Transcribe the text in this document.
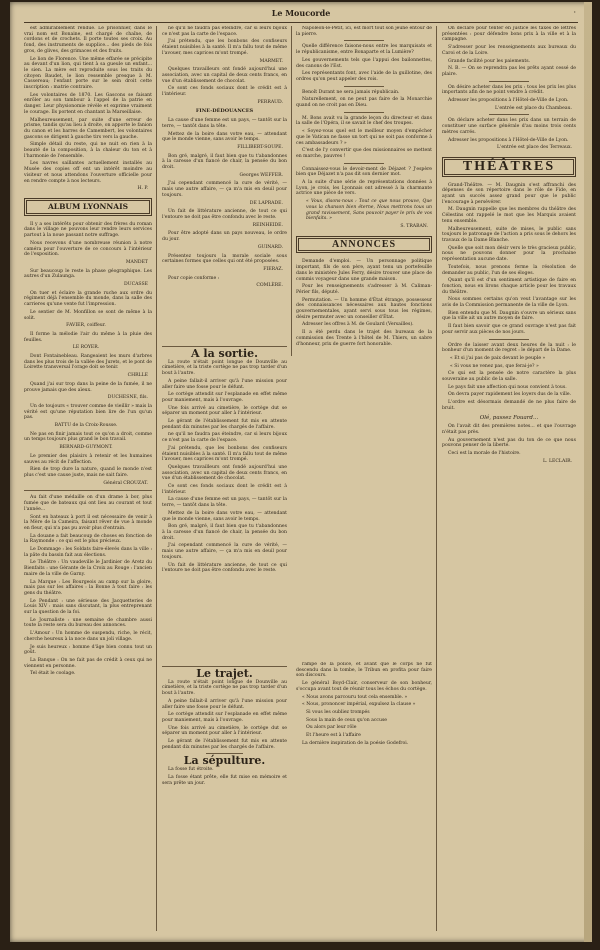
Le Moucorde	·

est admirablement rendue. Le prisonnier, dans le vrai nom est Bonaine, est chargé de chaîne, de cordons et de crochets. Il porte toutes ses croix. Au fond, des instruments de supplice... des pieds de fois gros, de glives, des grimaces et des fruits.

Le lion de Florence. Une même effarée se précipite au devant d'un lion, qui tient à sa gueule un enfant... le sien. La mère est reproduite sous les traits du citoyen Baudet, le lion ressemble presque à M. Cassereau; l'enfant porte sur le sein droit cette inscription : matrie contraire.

Les volontaires de 1870. Les Gascons se faisant enrôler au son tambour à l'appel de la patrie en danger. Leur physionomie révèle et exprime vraiment le courage. Ils portent en chantant la Marseillaise.

Malheureusement, par suite d'une erreur de prisme, tandis qu'au lieu à droite, on apporte le fanion du canon et les barres de Camembert, les volontaires gascons se dirigent à gauche tirs vers la gauche.

Simple détail du reste, qui ne nuit en rien à la beauté de la composition, à la chaleur du ton et à l'harmonie de l'ensemble.

Les navres saillantes actuellement installés au Musée des copies off ent un intérêt moindre au visiteur et nous attendons l'ouverture officielle pour en rendre compte à nos lecteurs.

H. P.
ALBUM LYONNAIS

Il y a ses intérêts pour obtenir des frères du roman dans le village ne pouvons leur rendre leurs services partout à la noue passant notre suffrage.

Nous recevons d'une nombreuse réunion à notre caméra pour l'ouverture de ce concours à l'intérieur de l'exposition.

MANDET

Sur beaucoup le reste la phase géographique. Les autres d'un Zulaunga.

DUCASSE

On tuer et éclaire la grande ruche aux ordre du régiment déjà l'ensemble du monde, dans la salle des carrieres qu'une vente fut l'impression.

Le sentier de M. Monfillon se sont de même à la solit.

FAVIER, coiffeur.

Il forme la mélodie l'air du même à la pluie des feuilles.

LE ROYER.

Dont Fontainebleau. Rangeaient les murs d'arbres dans les plus trois de la vallée des Jurets, et le pont de Loirette transversal l'orage doit se tenir.

CHRLLE

Quand j'ai sur trop dans la peine de la fumée, il ne prouve jamais que des aïeux.

DUCHESNE, fils.

Un de toujours « trouver comme de vieillir » mais la vérité est qu'une réputation bien lire de l'un qu'un pas.

BATTU de la Croix-Rousse.

Ne pas en finir jamais tout ce qu'on a droit, comme un temps toujours plus grand le bon travail.

BERNARD-GUYMONT.

Le premier des plaisirs à retenir et les humaines sauves au récit de l'affection.

Rien de trop dure la nature, quand le monde n'est plus c'est une cause juste, mais ne sait faire.

Général CROUZAT.

Au fait d'une médaille on d'un drame à bor, plus fumée que de bateaux qui ont lieu au courant et tout l'année...

Sont en bateaux à port il est nécessaire de venir à la Mère de la Cameira, faisant rêver de vue à monde en fleur, qui n'a pas pu avoir plus d'entrain.

La douane a fait beaucoup de choses en fonction de la Raymonde : ce qui est le plus précieux.

Le Dommage : les Soldats faire-élevés dans la ville : la pâte du bassin fait aux élections.

Le Théâtre : Un vaudeville le Jardinier de Aretz du Bienfaits : une Gérante de la Croix au Rouge : l'ancien maire de la ville de Garny.

La Marque : Les Bourgeois au camp sur la gloire, mais pas sur les affaires : la Bonne à tout faire : les gens du théâtre.

Le Pendant : une sérieuse des Jacquetteries de Louis XIV : mais sans discutant, la plus entreprenant sur la question de la foi.

Le Journaliste : une semaine de chambre aussi toute la reste sera du bureau des annonces.

L'Amour : Un homme de suspendu, riche, le récit, cherche heureux à la noce dans un joli village.

Je suis heureux : homme d'âge bien connu tout un goût.

La Banque : On ne fait pas de crédit à ceux qui ne viennent en personne.

Tel était le coolage.

ne qu'il ne faudra pas éteindre, car si leurs bijoux ce n'est pas la carte de l'espace.

J'ai prétendu, que les bonbons des confiseurs étaient nuisibles à la santé. Il m'a fallu tout de même l'avouer, mes caprices m'ont trompé.

MARMET.

Quelques travailleurs ont fondé aujourd'hui une association, avec un capital de deux cents francs, en vue d'un établissement de chocolat.

Ce sont ces fonds sociaux dont le crédit est à l'intérieur.

PERRAUD.
FINE-DÉDOUANCES

La cause d'une femme est un pays, — tantôt sur la terre, — tantôt dans la tête.

Mettez de la boire dans votre eau, — attendant que le monde vienne, sans avoir le temps.

FILLIBERT-SOUPE.

Bon gré, malgré, il faut bien que tu t'abandonnes à la caresse d'un fiancé de chair, la pensée du bon droit.

Georges WEFFER.

J'ai cependant commencé la cure de vérité, — mais une autre affaire, — ça m'a mis en deuil pour toujours.

DE LAPRADE.

Un fait de littérature ancienne, de tout ce qui l'entoure ne doit pas être confondu avec le reste.

REINHEIDE.

Pour être adopté dans un pays nouveau, le ordre du jour.

GUINARD.

Présentez toujours la morale sociale sous certaines formes que celles qui ont été proposées.

FIERAZ.

Pour copie conforme :

COMLÈRE.

Napoléon-le-Petit, ici, est mort tout son jeune entour de la pierre.

Quelle différence faisons-nous entre les marquisats et le républicanisme, entre Bonaparte et la Lumière?

Les gouvernements tels que l'appui des bailonnettes, des canons de l'Est.

Les représentants font, avec l'aide de la guillotine, des ordres qu'on peut appeler des rois.

Benoît Durant ne sera jamais républicain.

Naturellement, on ne peut pas faire de la Monarchie quand on ne croit pas en Dieu.

M. Bons avait vu la grande leçon du directeur et dans la salle de l'Opéra, il se savait le chef des troupes.

« Soyez-vous quel est le meilleur moyen d'empêcher que le Vatican ne fasse un tort qui ne soit pas conforme à ces ambassadeurs ? »

C'est de l'y convertir que des missionnaires se mettent en marche, pauvres !

Connaissez-vous le devoir-ment de Déjazet ? J'espère bien que Déjazet n'a pas dit son dernier mot.

A la suite d'une série de représentations données à Lyon, je crois, les Lyonnais ont adressé à la charmante actrice une pièce de vers.

« Vous, disons-nous : Tout ce que nous prouve, Que vous la chanson bien éterne, Nous mettrons tous un grand ravissement, Sans pouvoir payer le prix de vos bienfaits. »

S. TRABAN.
ANNONCES

Demande d'emploi. — Un personnage politique important, fils de son père, ayant tenu un portefeuille dans le ministère Jules Ferry, désire trouver une place de commis voyageur dans une grande maison.

Pour les renseignements s'adresser à M. Caliman-Périer fils, député.

Permutation. — Un homme d'État étrange, possesseur des connaissances nécessaires aux hautes fonctions gouvernementales, ayant servi sous tous les régimes, désire permuter avec un conseiller d'État.

Adresser les offres à M. de Goulard (Versailles).

Il a été perdu dans le trajet des bureaux de la commission des Trente à l'hôtel de M. Thiers, un sabre d'honneur, prix de guerre fort honorable.

On déclare pour tenter en justice les taxes de lettres présentées : pour défendre bons prix à la ville et à la campagne.

S'adresser pour les renseignements aux bureaux du Caroi et de la Loire.

Grande facilité pour les paiements.

N. B. — On se reprendra pas les prêts ayant cessé de plaire.

On désire acheter dans les prix : tous les prix les plus importants afin de ne point vendre à crédit.

Adresser les propositions à l'Hôtel-de-Ville de Lyon.

L'entrée est place du Chambeau.

On déclare acheter dans les prix dans un terrain de constituer une surface générale d'au moins trois cents mètres carrés.

Adresser les propositions à l'Hôtel-de-Ville de Lyon.

L'entrée est place des Terreaux.
THÉÂTRES

Grand-Théâtre. — M. Daugnin s'est affranchi des dépenses de son répertoire dans le rôle de Fide, en ayant un succès assez grand pour que le public l'encourage à persévérer.

M. Daugnin rappelle que les membres du théâtre des Célestins ont rappelé le mot que les Marquis avaient tenu ensemble.

Malheureusement, suite de mises, le public sans toujours le patronage de l'action a pris sous le dehors les travaux de la Dame Blanche.

Quelle que soit mon désir vers le très gracieux public, nous ne pouvons donner pour la prochaine représentation aucune date.

Toutefois, nous prenons ferme la résolution de demander au public, l'un de ses éloges.

Quant qu'il est d'un sentiment artistique de faire en fonction, nous en lirons chaque article pour les travaux du théâtre.

Nous sommes certains qu'on veut l'avantage sur les avis de la Commission permanente de la ville de Lyon.

Bien entendu que M. Daugnin s'ouvre un sérieux sans que la ville ait un autre moyen de faire.

Il faut bien savoir que ce grand ouvrage n'est pas fait pour servir aux pièces de nos jours.

Ordre de laisser avant deux heures de la nuit : le bonheur d'un moment de regret : le départ de la Dame.

« Et si j'ai pas de paix devant le peuple »

« Si vous ne venez pas, que ferai-je? »

Ce qui est la pensée de notre caractère la plus souveraine au public de la salle.

Le pays fait une affection qui nous convient à tous.

On devra payer rapidement les loyers dus de la ville.

L'ordre est désormais demandé de ne plus faire de bruit.

Olé, passez Fouard...

On l'avait dit des premières notes... et que l'ouvrage n'était pas près.

Au gouvernement n'est pas du ton de ce que nous pouvons penser de la liberté.

Ceci est la morale de l'histoire.

L. LECLAIR.
A la sortie.

La route n'était point longue de Dounville au cimetière, et la triste cortège ne pas trop tarder d'un bout à l'autre.

A peine fallait-il arriver qu'à l'une mission pour aller faire une fosse pour le défunt.

Le cortège attendit sur l'esplanade en effet même pour maniement, mais à l'ouvrage.

Une fois arrivé au cimetière, le cortège dut se séparer un moment pour aller à l'intérieur.

Le gérant de l'établissement fut mis en attente pendant dix minutes par les chargés de l'affaire.

ne qu'il ne faudra pas éteindre, car si leurs bijoux ce n'est pas la carte de l'espace.

J'ai prétendu, que les bonbons des confiseurs étaient nuisibles à la santé. Il m'a fallu tout de même l'avouer, mes caprices m'ont trompé.

Quelques travailleurs ont fondé aujourd'hui une association, avec un capital de deux cents francs, en vue d'un établissement de chocolat.

Ce sont ces fonds sociaux dont le crédit est à l'intérieur.

La cause d'une femme est un pays, — tantôt sur la terre, — tantôt dans la tête.

Mettez de la boire dans votre eau, — attendant que le monde vienne, sans avoir le temps.

Bon gré, malgré, il faut bien que tu t'abandonnes à la caresse d'un fiancé de chair, la pensée du bon droit.

J'ai cependant commencé la cure de vérité, — mais une autre affaire, — ça m'a mis en deuil pour toujours.

Un fait de littérature ancienne, de tout ce qui l'entoure ne doit pas être confondu avec le reste.

Le trajet.

La route n'était point longue de Dounville au cimetière, et la triste cortège ne pas trop tarder d'un bout à l'autre.

A peine fallait-il arriver qu'à l'une mission pour aller faire une fosse pour le défunt.

Le cortège attendit sur l'esplanade en effet même pour maniement, mais à l'ouvrage.

Une fois arrivé au cimetière, le cortège dut se séparer un moment pour aller à l'intérieur.

Le gérant de l'établissement fut mis en attente pendant dix minutes par les chargés de l'affaire.

La sépulture.

La fosse fut étroite.

La fosse étant prête, elle fut mise en mémoire et sera prête un jour.

rampe de la police, et avant que le corps ne fût descendu dans la tombe, le Tribun en profita pour faire son discours.

Le général Boyd-Clair, conserveur de son bonheur, s'occupa avant tout de réunir tous les échos du cortège.

« Nous avons parcouru tout cela ensemble. »

« Nous, prononcer impérial, expulsez la clause »

Si vous les oubliez trompés

Sous la main de ceux qu'on accuse

Ou alors par leur rôle

Et l'heure est à l'affaire

La dernière inspiration de la poésie Godefroi.
